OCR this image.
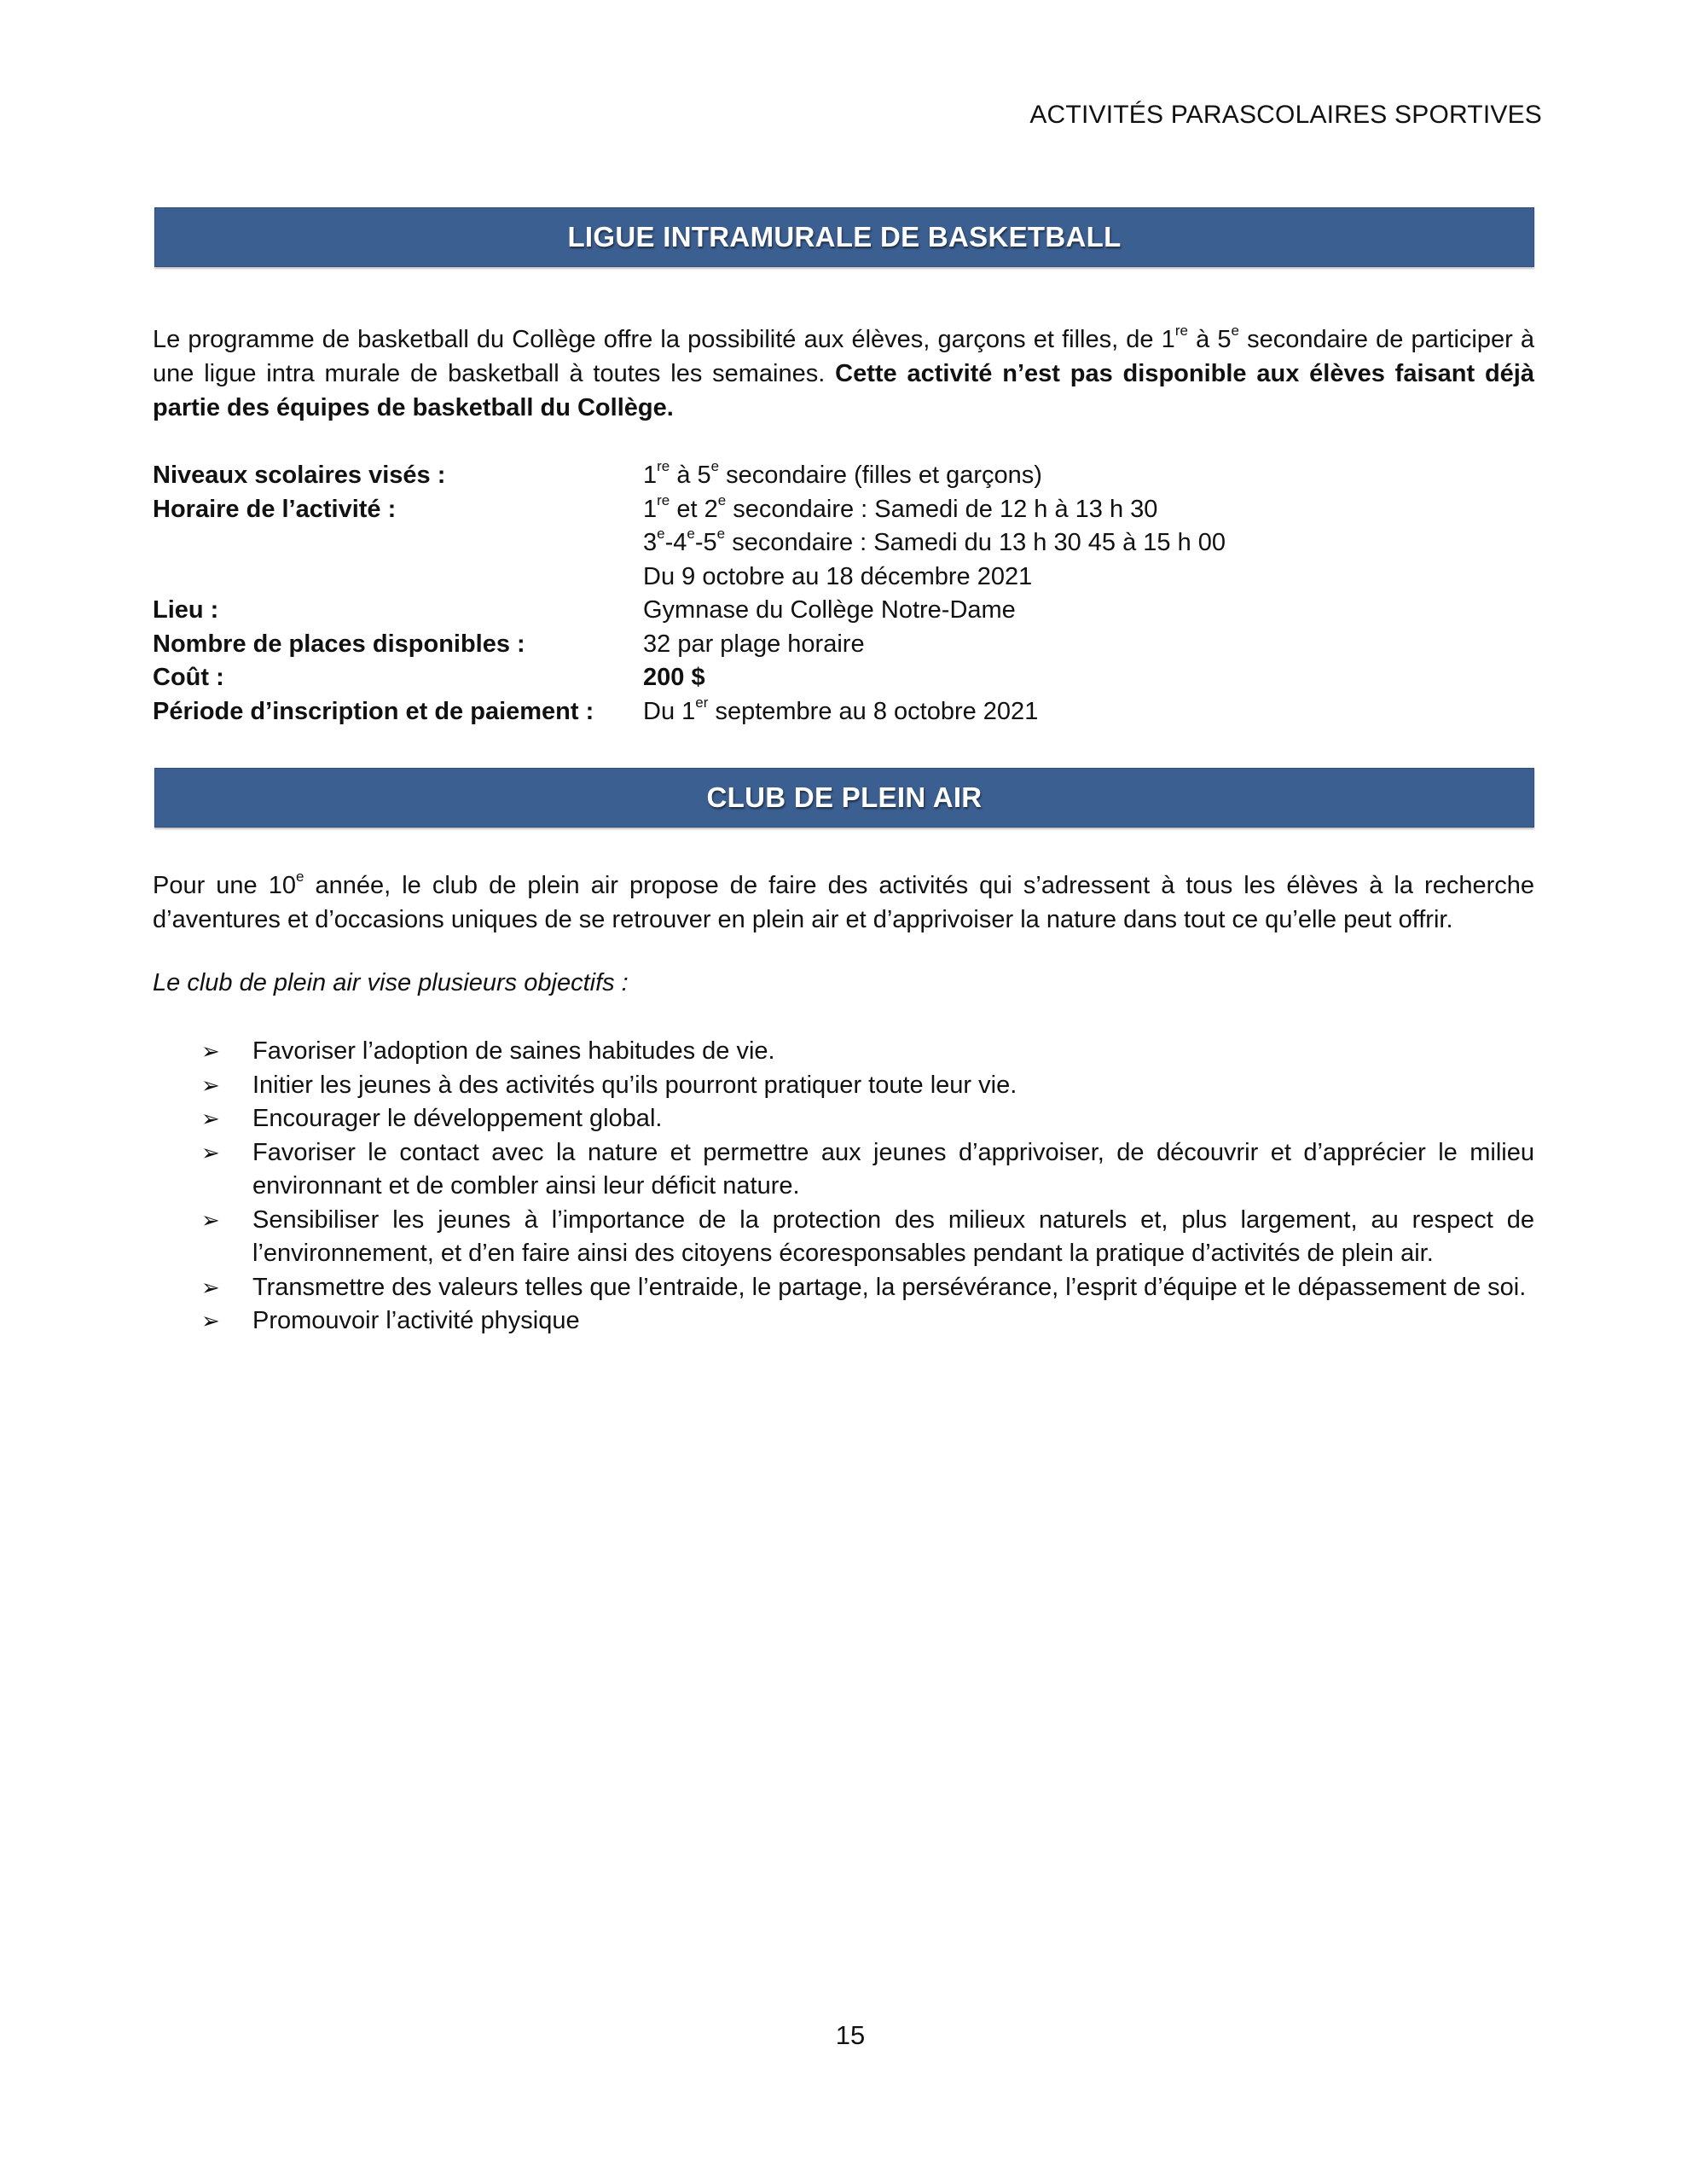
ACTIVITÉS PARASCOLAIRES SPORTIVES
LIGUE INTRAMURALE DE BASKETBALL
Le programme de basketball du Collège offre la possibilité aux élèves, garçons et filles, de 1re à 5e secondaire de participer à une ligue intra murale de basketball à toutes les semaines. Cette activité n’est pas disponible aux élèves faisant déjà partie des équipes de basketball du Collège.
Niveaux scolaires visés :	1re à 5e secondaire (filles et garçons)
Horaire de l’activité :	1re et 2e secondaire : Samedi de 12 h à 13 h 30
3e-4e-5e secondaire : Samedi du 13 h 30 45 à 15 h 00
Du 9 octobre au 18 décembre 2021
Lieu :	Gymnase du Collège Notre-Dame
Nombre de places disponibles :	32 par plage horaire
Coût :	200 $
Période d’inscription et de paiement :	Du 1er septembre au 8 octobre 2021
CLUB DE PLEIN AIR
Pour une 10e année, le club de plein air propose de faire des activités qui s’adressent à tous les élèves à la recherche d’aventures et d’occasions uniques de se retrouver en plein air et d’apprivoiser la nature dans tout ce qu’elle peut offrir.
Le club de plein air vise plusieurs objectifs :
➢	Favoriser l’adoption de saines habitudes de vie.
➢	Initier les jeunes à des activités qu’ils pourront pratiquer toute leur vie.
➢	Encourager le développement global.
➢	Favoriser le contact avec la nature et permettre aux jeunes d’apprivoiser, de découvrir et d’apprécier le milieu environnant et de combler ainsi leur déficit nature.
➢	Sensibiliser les jeunes à l’importance de la protection des milieux naturels et, plus largement, au respect de l’environnement, et d’en faire ainsi des citoyens écoresponsables pendant la pratique d’activités de plein air.
➢	Transmettre des valeurs telles que l’entraide, le partage, la persévérance, l’esprit d’équipe et le dépassement de soi.
➢	Promouvoir l’activité physique
15
